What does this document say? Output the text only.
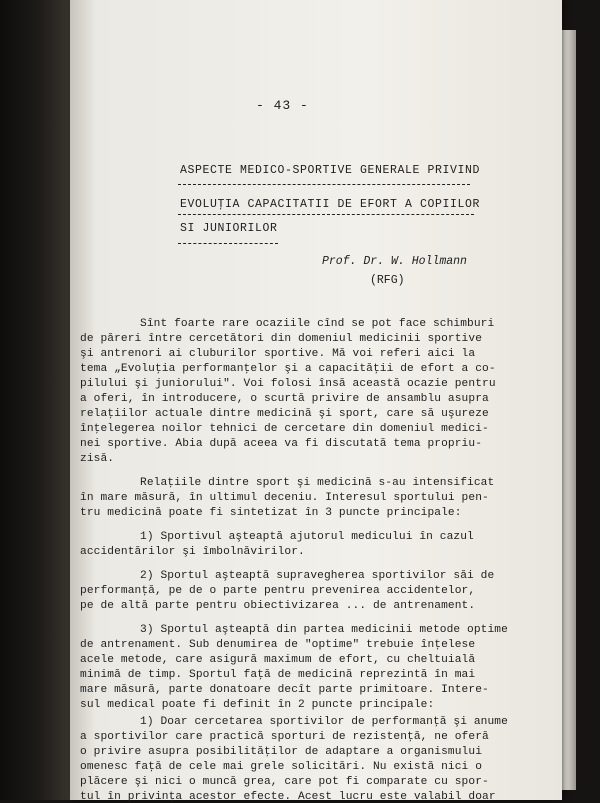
- 43 -
ASPECTE MEDICO-SPORTIVE GENERALE PRIVIND
EVOLUŢIA CAPACITATII DE EFORT A COPIILOR
SI JUNIORILOR
Prof. Dr. W. Hollmann
(RFG)
Sînt foarte rare ocaziile cînd se pot face schimburi
de păreri între cercetători din domeniul medicinii sportive
şi antrenori ai cluburilor sportive. Mă voi referi aici la
tema „Evoluţia performanţelor şi a capacităţii de efort a co-
pilului şi juniorului". Voi folosi însă această ocazie pentru
a oferi, în introducere, o scurtă privire de ansamblu asupra
relaţiilor actuale dintre medicină şi sport, care să uşureze
înţelegerea noilor tehnici de cercetare din domeniul medici-
nei sportive. Abia după aceea va fi discutată tema propriu-
zisă.
Relaţiile dintre sport şi medicină s-au intensificat
în mare măsură, în ultimul deceniu. Interesul sportului pen-
tru medicină poate fi sintetizat în 3 puncte principale:
1) Sportivul aşteaptă ajutorul medicului în cazul
accidentărilor şi îmbolnăvirilor.
2) Sportul aşteaptă supravegherea sportivilor săi de
performanţă, pe de o parte pentru prevenirea accidentelor,
pe de altă parte pentru obiectivizarea ... de antrenament.
3) Sportul aşteaptă din partea medicinii metode optime
de antrenament. Sub denumirea de "optime" trebuie înţelese
acele metode, care asigură maximum de efort, cu cheltuială
minimă de timp. Sportul faţă de medicină reprezintă în mai
mare măsură, parte donatoare decît parte primitoare. Intere-
sul medical poate fi definit în 2 puncte principale:
1) Doar cercetarea sportivilor de performanţă şi anume
a sportivilor care practică sporturi de rezistenţă, ne oferă
o privire asupra posibilităţilor de adaptare a organismului
omenesc faţă de cele mai grele solicitări. Nu există nici o
plăcere şi nici o muncă grea, care pot fi comparate cu spor-
tul în privinţa acestor efecte. Acest lucru este valabil doar
